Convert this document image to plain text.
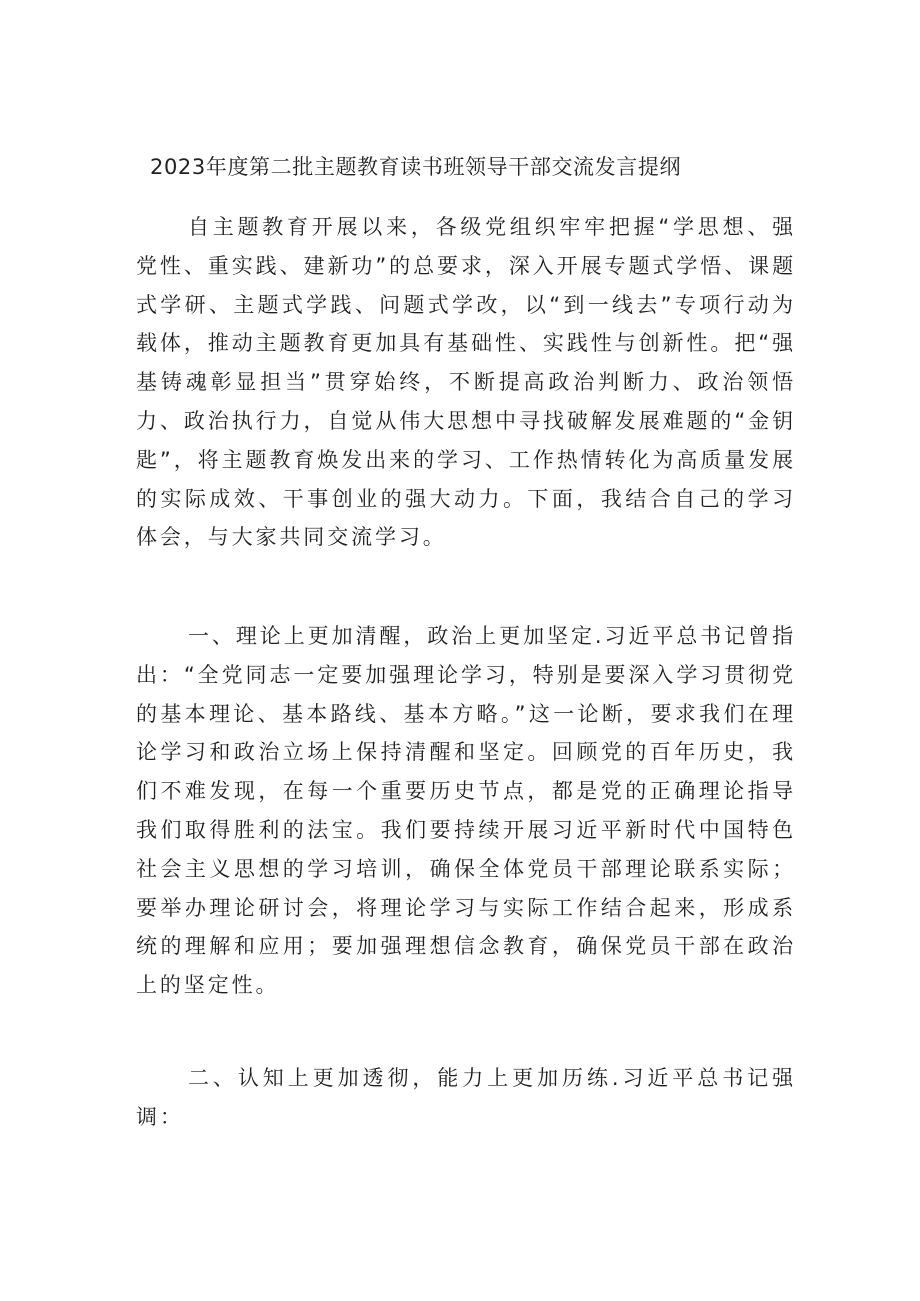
2023年度第二批主题教育读书班领导干部交流发言提纲

自主题教育开展以来，各级党组织牢牢把握“学思想、强党性、重实践、建新功”的总要求，深入开展专题式学悟、课题式学研、主题式学践、问题式学改，以“到一线去”专项行动为载体，推动主题教育更加具有基础性、实践性与创新性。把“强基铸魂彰显担当”贯穿始终，不断提高政治判断力、政治领悟力、政治执行力，自觉从伟大思想中寻找破解发展难题的“金钥匙”，将主题教育焕发出来的学习、工作热情转化为高质量发展的实际成效、干事创业的强大动力。下面，我结合自己的学习体会，与大家共同交流学习。

一、理论上更加清醒，政治上更加坚定.习近平总书记曾指出：“全党同志一定要加强理论学习，特别是要深入学习贯彻党的基本理论、基本路线、基本方略。”这一论断，要求我们在理论学习和政治立场上保持清醒和坚定。回顾党的百年历史，我们不难发现，在每一个重要历史节点，都是党的正确理论指导我们取得胜利的法宝。我们要持续开展习近平新时代中国特色社会主义思想的学习培训，确保全体党员干部理论联系实际；要举办理论研讨会，将理论学习与实际工作结合起来，形成系统的理解和应用；要加强理想信念教育，确保党员干部在政治上的坚定性。

二、认知上更加透彻，能力上更加历练.习近平总书记强调：
